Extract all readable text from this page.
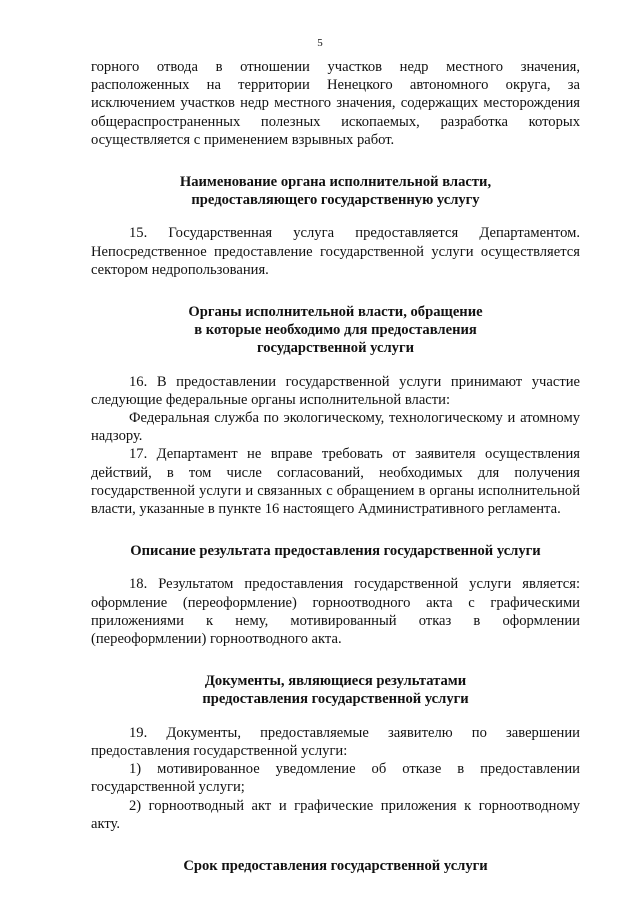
5

горного отвода в отношении участков недр местного значения, расположенных на территории Ненецкого автономного округа, за исключением участков недр местного значения, содержащих месторождения общераспространенных полезных ископаемых, разработка которых осуществляется с применением взрывных работ.

Наименование органа исполнительной власти, предоставляющего государственную услугу

15. Государственная услуга предоставляется Департаментом. Непосредственное предоставление государственной услуги осуществляется сектором недропользования.

Органы исполнительной власти, обращение в которые необходимо для предоставления государственной услуги

16. В предоставлении государственной услуги принимают участие следующие федеральные органы исполнительной власти:

Федеральная служба по экологическому, технологическому и атомному надзору.

17. Департамент не вправе требовать от заявителя осуществления действий, в том числе согласований, необходимых для получения государственной услуги и связанных с обращением в органы исполнительной власти, указанные в пункте 16 настоящего Административного регламента.

Описание результата предоставления государственной услуги

18. Результатом предоставления государственной услуги является: оформление (переоформление) горноотводного акта с графическими приложениями к нему, мотивированный отказ в оформлении (переоформлении) горноотводного акта.

Документы, являющиеся результатами предоставления государственной услуги

19. Документы, предоставляемые заявителю по завершении предоставления государственной услуги:

1) мотивированное уведомление об отказе в предоставлении государственной услуги;

2) горноотводный акт и графические приложения к горноотводному акту.

Срок предоставления государственной услуги
